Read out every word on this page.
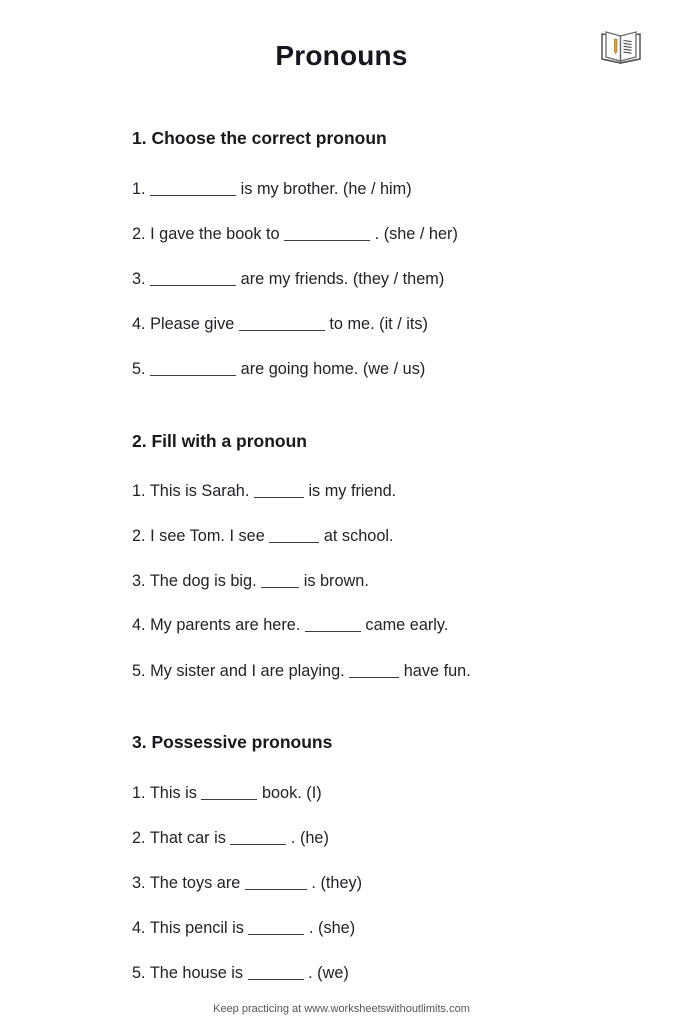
Pronouns
1. Choose the correct pronoun
1.	is my brother. (he / him)
2. I gave the book to	. (she / her)
3.	are my friends. (they / them)
4. Please give	to me. (it / its)
5.	are going home. (we / us)
2. Fill with a pronoun
1. This is Sarah.	is my friend.
2. I see Tom. I see	at school.
3. The dog is big.	is brown.
4. My parents are here.	came early.
5. My sister and I are playing.	have fun.
3. Possessive pronouns
1. This is	book. (I)
2. That car is	. (he)
3. The toys are	. (they)
4. This pencil is	. (she)
5. The house is	. (we)
Keep practicing at www.worksheetswithoutlimits.com
